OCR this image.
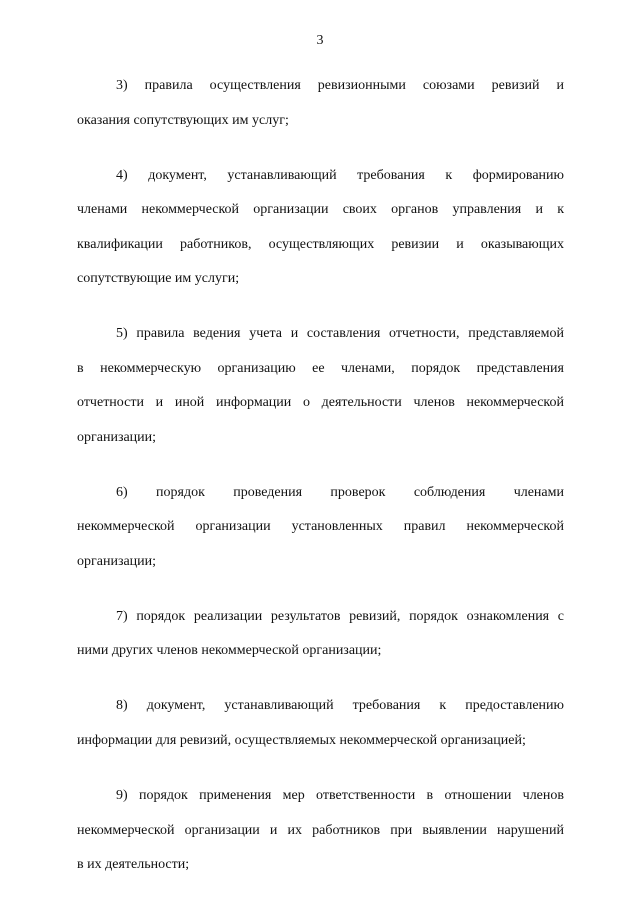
3

3) правила осуществления ревизионными союзами ревизий и
оказания сопутствующих им услуг;

4) документ, устанавливающий требования к формированию
членами некоммерческой организации своих органов управления и к
квалификации работников, осуществляющих ревизии и оказывающих
сопутствующие им услуги;

5) правила ведения учета и составления отчетности, представляемой
в некоммерческую организацию ее членами, порядок представления
отчетности и иной информации о деятельности членов некоммерческой
организации;

6) порядок проведения проверок соблюдения членами
некоммерческой организации установленных правил некоммерческой
организации;

7) порядок реализации результатов ревизий, порядок ознакомления с
ними других членов некоммерческой организации;

8) документ, устанавливающий требования к предоставлению
информации для ревизий, осуществляемых некоммерческой организацией;

9) порядок применения мер ответственности в отношении членов
некоммерческой организации и их работников при выявлении нарушений
в их деятельности;
